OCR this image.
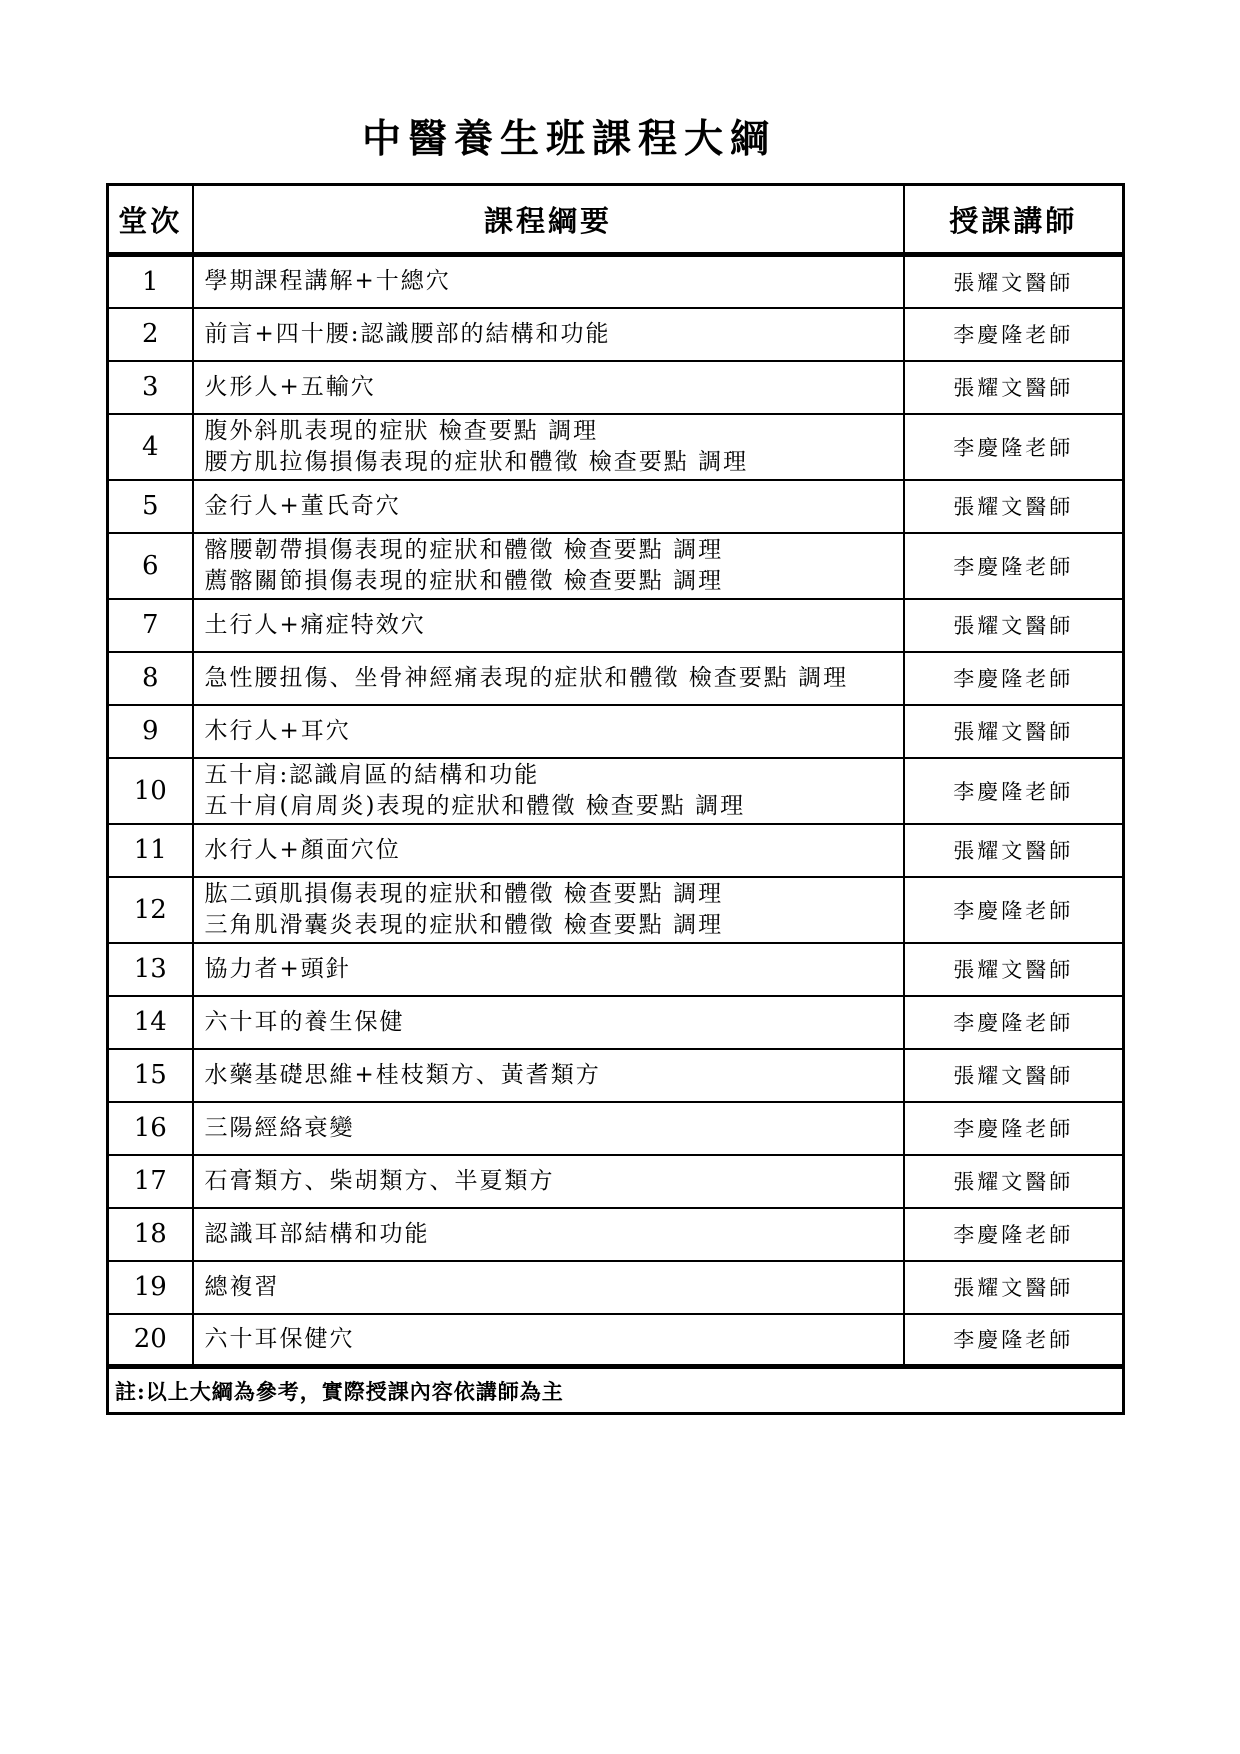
中醫養生班課程大綱
堂次	課程綱要	授課講師
1	學期課程講解+十總穴	張耀文醫師
2	前言+四十腰:認識腰部的結構和功能	李慶隆老師
3	火形人+五輸穴	張耀文醫師
4	腹外斜肌表現的症狀 檢查要點 調理
腰方肌拉傷損傷表現的症狀和體徵 檢查要點 調理	李慶隆老師
5	金行人+董氏奇穴	張耀文醫師
6	髂腰韌帶損傷表現的症狀和體徵 檢查要點 調理
薦髂關節損傷表現的症狀和體徵 檢查要點 調理	李慶隆老師
7	土行人+痛症特效穴	張耀文醫師
8	急性腰扭傷、坐骨神經痛表現的症狀和體徵 檢查要點 調理	李慶隆老師
9	木行人+耳穴	張耀文醫師
10	五十肩:認識肩區的結構和功能
五十肩(肩周炎)表現的症狀和體徵 檢查要點 調理	李慶隆老師
11	水行人+顏面穴位	張耀文醫師
12	肱二頭肌損傷表現的症狀和體徵 檢查要點 調理
三角肌滑囊炎表現的症狀和體徵 檢查要點 調理	李慶隆老師
13	協力者+頭針	張耀文醫師
14	六十耳的養生保健	李慶隆老師
15	水藥基礎思維+桂枝類方、黃耆類方	張耀文醫師
16	三陽經絡衰變	李慶隆老師
17	石膏類方、柴胡類方、半夏類方	張耀文醫師
18	認識耳部結構和功能	李慶隆老師
19	總複習	張耀文醫師
20	六十耳保健穴	李慶隆老師
註:以上大綱為參考，實際授課內容依講師為主		
